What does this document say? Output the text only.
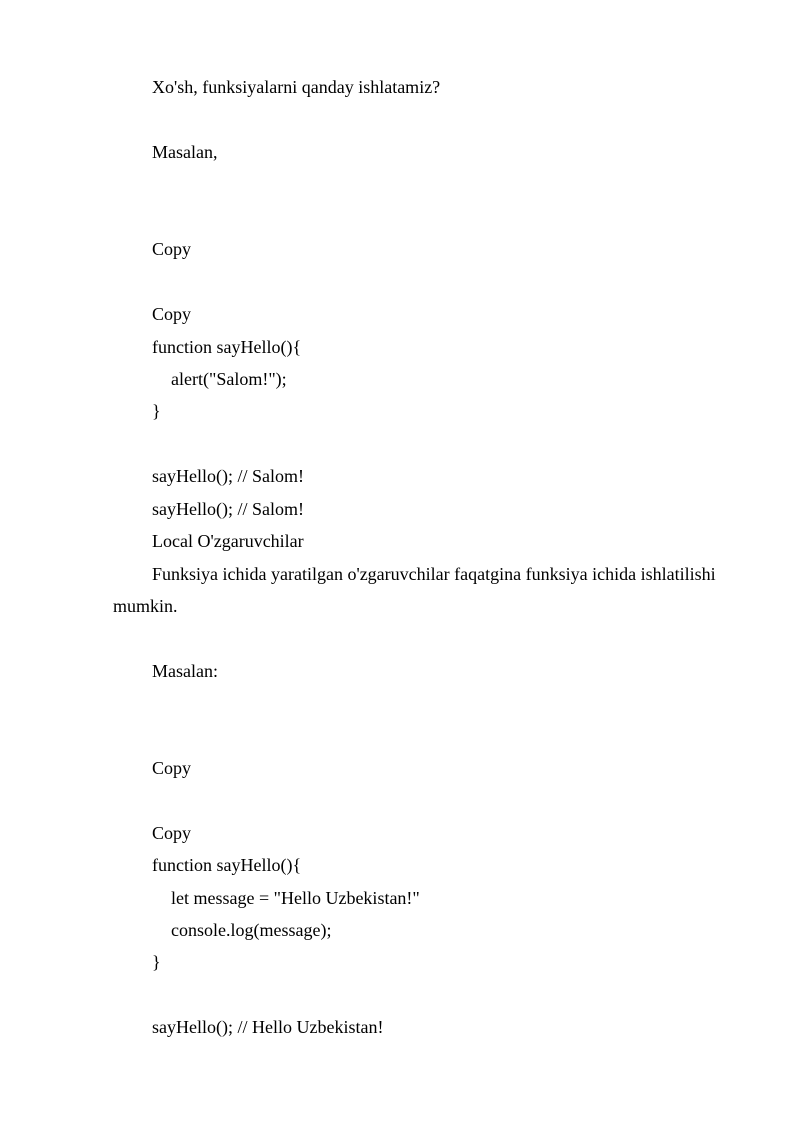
Xo'sh, funksiyalarni qanday ishlatamiz?
Masalan,
Copy
Copy
function sayHello(){
alert("Salom!");
}
sayHello(); // Salom!
sayHello(); // Salom!
Local O'zgaruvchilar
Funksiya ichida yaratilgan o'zgaruvchilar faqatgina funksiya ichida ishlatilishi
mumkin.
Masalan:
Copy
Copy
function sayHello(){
let message = "Hello Uzbekistan!"
console.log(message);
}
sayHello(); // Hello Uzbekistan!
